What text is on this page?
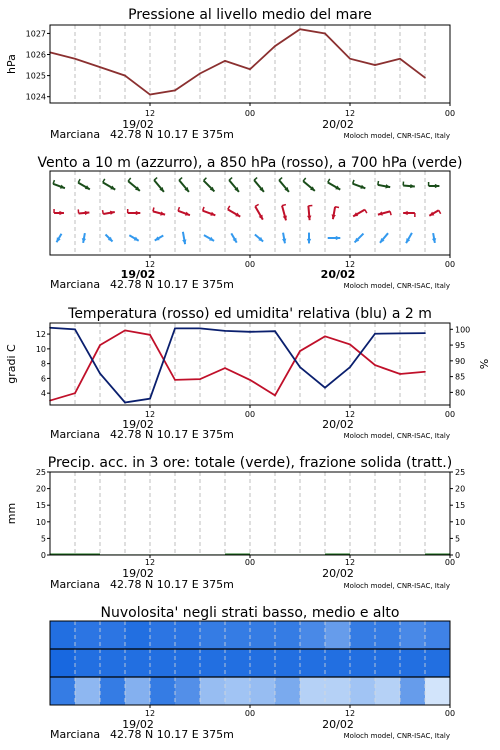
1024
1025
1026
1027
hPa
Pressione al livello medio del mare
12	00	12	00
19/02	20/02
Marciana 42.78 N 10.17 E 375m	Moloch model, CNR-ISAC, Italy
Vento a 10 m (azzurro), a 850 hPa (rosso), a 700 hPa (verde)
12	00	12	00
19/02	20/02
Marciana 42.78 N 10.17 E 375m	Moloch model, CNR-ISAC, Italy
4
6
8
10
12
80
85
90
95
100
gradi C	%
Temperatura (rosso) ed umidita' relativa (blu) a 2 m
12	00	12	00
19/02	20/02
Marciana 42.78 N 10.17 E 375m	Moloch model, CNR-ISAC, Italy
0	0
5	5
10	10
15	15
20	20
25	25
mm
Precip. acc. in 3 ore: totale (verde), frazione solida (tratt.)
12	00	12	00
19/02	20/02
Marciana 42.78 N 10.17 E 375m	Moloch model, CNR-ISAC, Italy
Nuvolosita' negli strati basso, medio e alto
12	00	12	00
19/02	20/02
Marciana 42.78 N 10.17 E 375m	Moloch model, CNR-ISAC, Italy
